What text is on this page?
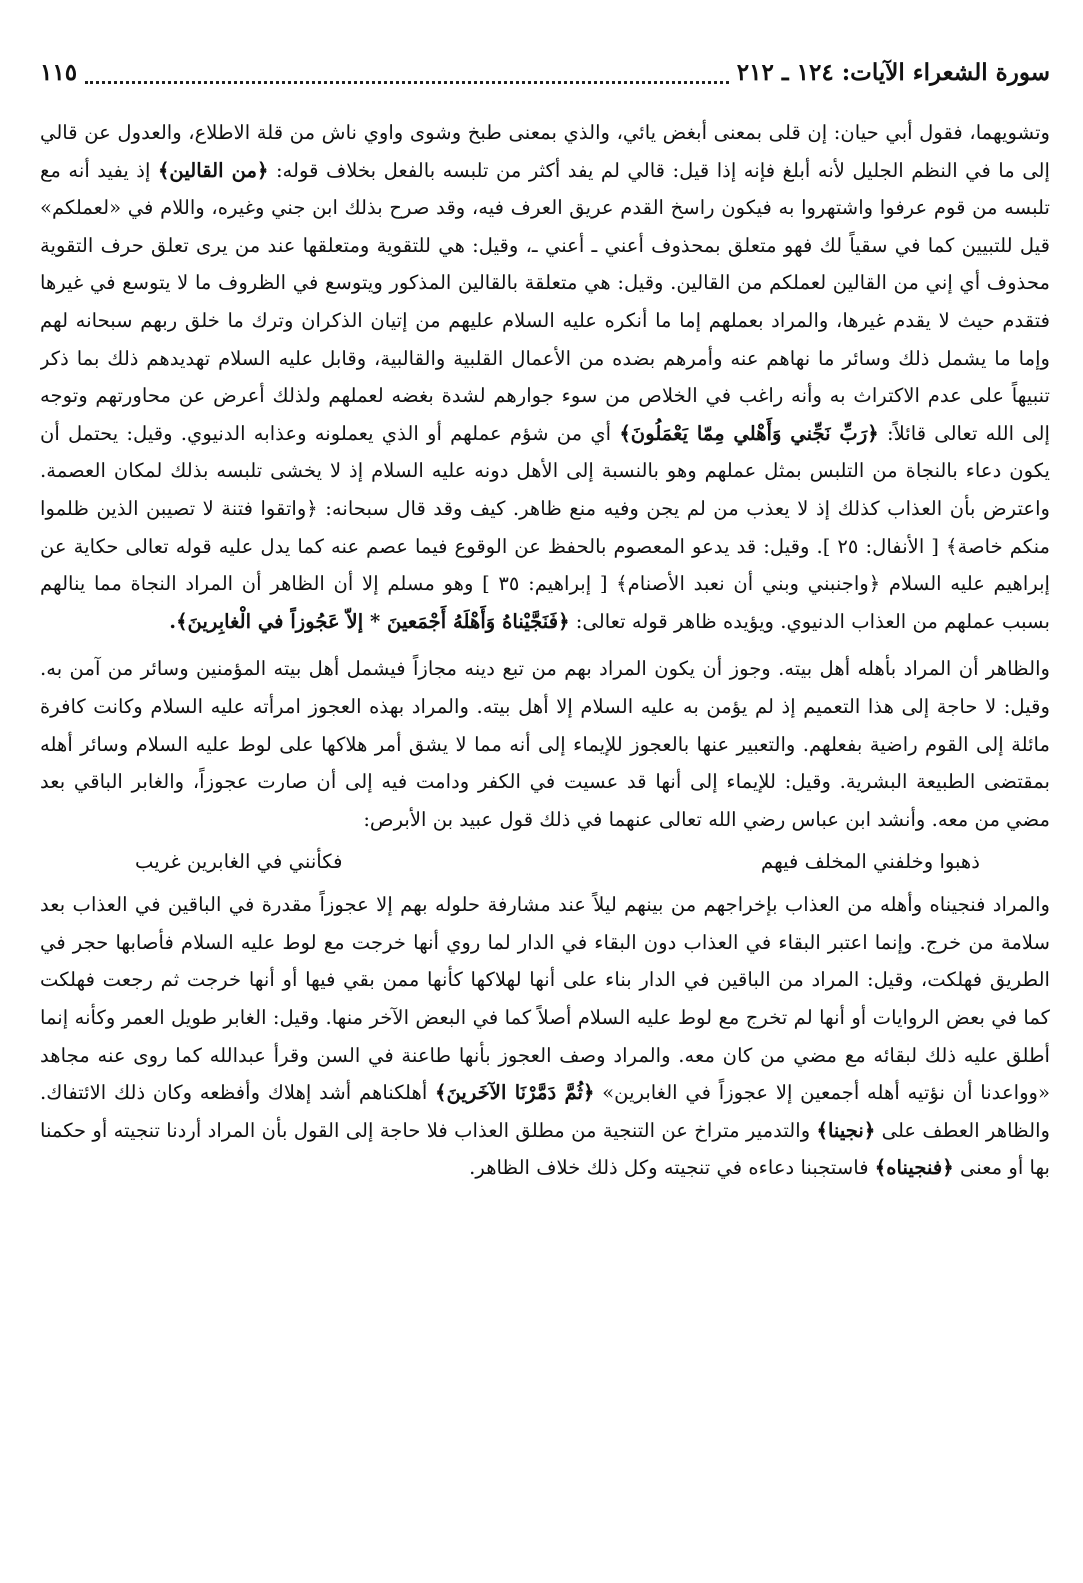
سورة الشعراء الآيات: ١٢٤ ـ ٢١٢
١١٥

وتشويهما، فقول أبي حيان: إن قلى بمعنى أبغض يائي، والذي بمعنى طبخ وشوى واوي ناش من قلة الاطلاع، والعدول عن قالي إلى ما في النظم الجليل لأنه أبلغ فإنه إذا قيل: قالي لم يفد أكثر من تلبسه بالفعل بخلاف قوله: ﴿من القالين﴾ إذ يفيد أنه مع تلبسه من قوم عرفوا واشتهروا به فيكون راسخ القدم عريق العرف فيه، وقد صرح بذلك ابن جني وغيره، واللام في «لعملكم» قيل للتبيين كما في سقياً لك فهو متعلق بمحذوف أعني ـ أعني ـ، وقيل: هي للتقوية ومتعلقها عند من يرى تعلق حرف التقوية محذوف أي إني من القالين لعملكم من القالين. وقيل: هي متعلقة بالقالين المذكور ويتوسع في الظروف ما لا يتوسع في غيرها فتقدم حيث لا يقدم غيرها، والمراد بعملهم إما ما أنكره عليه السلام عليهم من إتيان الذكران وترك ما خلق ربهم سبحانه لهم وإما ما يشمل ذلك وسائر ما نهاهم عنه وأمرهم بضده من الأعمال القلبية والقالبية، وقابل عليه السلام تهديدهم ذلك بما ذكر تنبيهاً على عدم الاكتراث به وأنه راغب في الخلاص من سوء جوارهم لشدة بغضه لعملهم ولذلك أعرض عن محاورتهم وتوجه إلى الله تعالى قائلاً: ﴿رَبِّ نَجِّني وَأَهْلي مِمّا يَعْمَلُونَ﴾ أي من شؤم عملهم أو الذي يعملونه وعذابه الدنيوي. وقيل: يحتمل أن يكون دعاء بالنجاة من التلبس بمثل عملهم وهو بالنسبة إلى الأهل دونه عليه السلام إذ لا يخشى تلبسه بذلك لمكان العصمة. واعترض بأن العذاب كذلك إذ لا يعذب من لم يجن وفيه منع ظاهر. كيف وقد قال سبحانه: ﴿واتقوا فتنة لا تصيبن الذين ظلموا منكم خاصة﴾ [ الأنفال: ٢٥ ]. وقيل: قد يدعو المعصوم بالحفظ عن الوقوع فيما عصم عنه كما يدل عليه قوله تعالى حكاية عن إبراهيم عليه السلام ﴿واجنبني وبني أن نعبد الأصنام﴾ [ إبراهيم: ٣٥ ] وهو مسلم إلا أن الظاهر أن المراد النجاة مما ينالهم بسبب عملهم من العذاب الدنيوي. ويؤيده ظاهر قوله تعالى: ﴿فَنَجَّيْناهُ وَأَهْلَهُ أَجْمَعينَ * إلاّ عَجُوزاً في الْغابِرينَ﴾.

والظاهر أن المراد بأهله أهل بيته. وجوز أن يكون المراد بهم من تبع دينه مجازاً فيشمل أهل بيته المؤمنين وسائر من آمن به. وقيل: لا حاجة إلى هذا التعميم إذ لم يؤمن به عليه السلام إلا أهل بيته. والمراد بهذه العجوز امرأته عليه السلام وكانت كافرة مائلة إلى القوم راضية بفعلهم. والتعبير عنها بالعجوز للإيماء إلى أنه مما لا يشق أمر هلاكها على لوط عليه السلام وسائر أهله بمقتضى الطبيعة البشرية. وقيل: للإيماء إلى أنها قد عسيت في الكفر ودامت فيه إلى أن صارت عجوزاً، والغابر الباقي بعد مضي من معه. وأنشد ابن عباس رضي الله تعالى عنهما في ذلك قول عبيد بن الأبرص:

ذهبوا وخلفني المخلف فيهم
فكأنني في الغابرين غريب

والمراد فنجيناه وأهله من العذاب بإخراجهم من بينهم ليلاً عند مشارفة حلوله بهم إلا عجوزاً مقدرة في الباقين في العذاب بعد سلامة من خرج. وإنما اعتبر البقاء في العذاب دون البقاء في الدار لما روي أنها خرجت مع لوط عليه السلام فأصابها حجر في الطريق فهلكت، وقيل: المراد من الباقين في الدار بناء على أنها لهلاكها كأنها ممن بقي فيها أو أنها خرجت ثم رجعت فهلكت كما في بعض الروايات أو أنها لم تخرج مع لوط عليه السلام أصلاً كما في البعض الآخر منها. وقيل: الغابر طويل العمر وكأنه إنما أطلق عليه ذلك لبقائه مع مضي من كان معه. والمراد وصف العجوز بأنها طاعنة في السن وقرأ عبدالله كما روى عنه مجاهد «وواعدنا أن نؤتيه أهله أجمعين إلا عجوزاً في الغابرين» ﴿ثُمَّ دَمَّرْنَا الآخَرينَ﴾ أهلكناهم أشد إهلاك وأفظعه وكان ذلك الائتفاك. والظاهر العطف على ﴿نجينا﴾ والتدمير متراخ عن التنجية من مطلق العذاب فلا حاجة إلى القول بأن المراد أردنا تنجيته أو حكمنا بها أو معنى ﴿فنجيناه﴾ فاستجبنا دعاءه في تنجيته وكل ذلك خلاف الظاهر.
